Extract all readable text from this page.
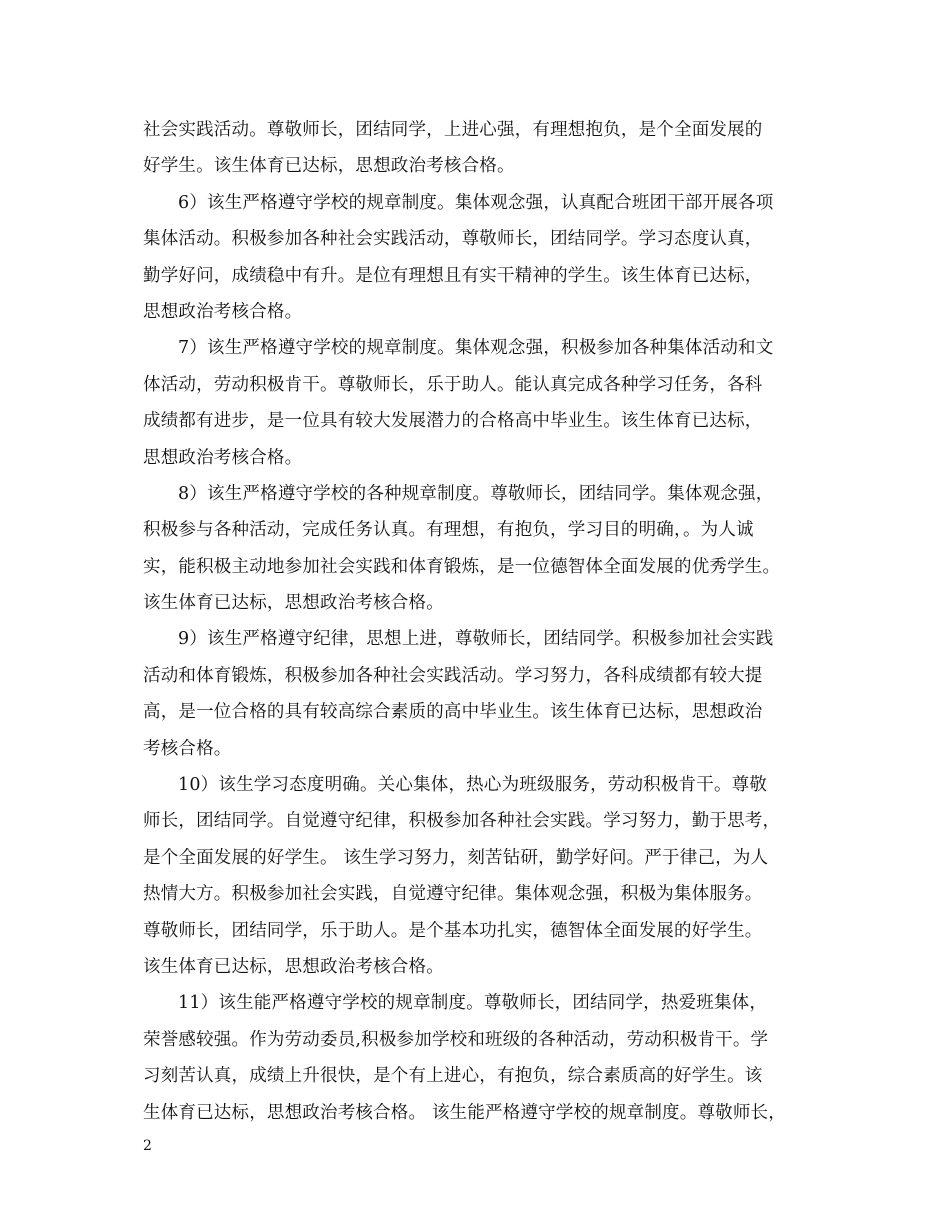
社会实践活动。尊敬师长，团结同学，上进心强，有理想抱负，是个全面发展的
好学生。该生体育已达标，思想政治考核合格。
6）该生严格遵守学校的规章制度。集体观念强，认真配合班团干部开展各项
集体活动。积极参加各种社会实践活动，尊敬师长，团结同学。学习态度认真，
勤学好问，成绩稳中有升。是位有理想且有实干精神的学生。该生体育已达标，
思想政治考核合格。
7）该生严格遵守学校的规章制度。集体观念强，积极参加各种集体活动和文
体活动，劳动积极肯干。尊敬师长，乐于助人。能认真完成各种学习任务，各科
成绩都有进步，是一位具有较大发展潜力的合格高中毕业生。该生体育已达标，
思想政治考核合格。
8）该生严格遵守学校的各种规章制度。尊敬师长，团结同学。集体观念强，
积极参与各种活动，完成任务认真。有理想，有抱负，学习目的明确，。为人诚
实，能积极主动地参加社会实践和体育锻炼，是一位德智体全面发展的优秀学生。
该生体育已达标，思想政治考核合格。
9）该生严格遵守纪律，思想上进，尊敬师长，团结同学。积极参加社会实践
活动和体育锻炼，积极参加各种社会实践活动。学习努力，各科成绩都有较大提
高，是一位合格的具有较高综合素质的高中毕业生。该生体育已达标，思想政治
考核合格。
10）该生学习态度明确。关心集体，热心为班级服务，劳动积极肯干。尊敬
师长，团结同学。自觉遵守纪律，积极参加各种社会实践。学习努力，勤于思考，
是个全面发展的好学生。 该生学习努力，刻苦钻研，勤学好问。严于律己，为人
热情大方。积极参加社会实践，自觉遵守纪律。集体观念强，积极为集体服务。
尊敬师长，团结同学，乐于助人。是个基本功扎实，德智体全面发展的好学生。
该生体育已达标，思想政治考核合格。
11）该生能严格遵守学校的规章制度。尊敬师长，团结同学，热爱班集体，
荣誉感较强。作为劳动委员,积极参加学校和班级的各种活动，劳动积极肯干。学
习刻苦认真，成绩上升很快，是个有上进心，有抱负，综合素质高的好学生。该
生体育已达标，思想政治考核合格。 该生能严格遵守学校的规章制度。尊敬师长，
2
